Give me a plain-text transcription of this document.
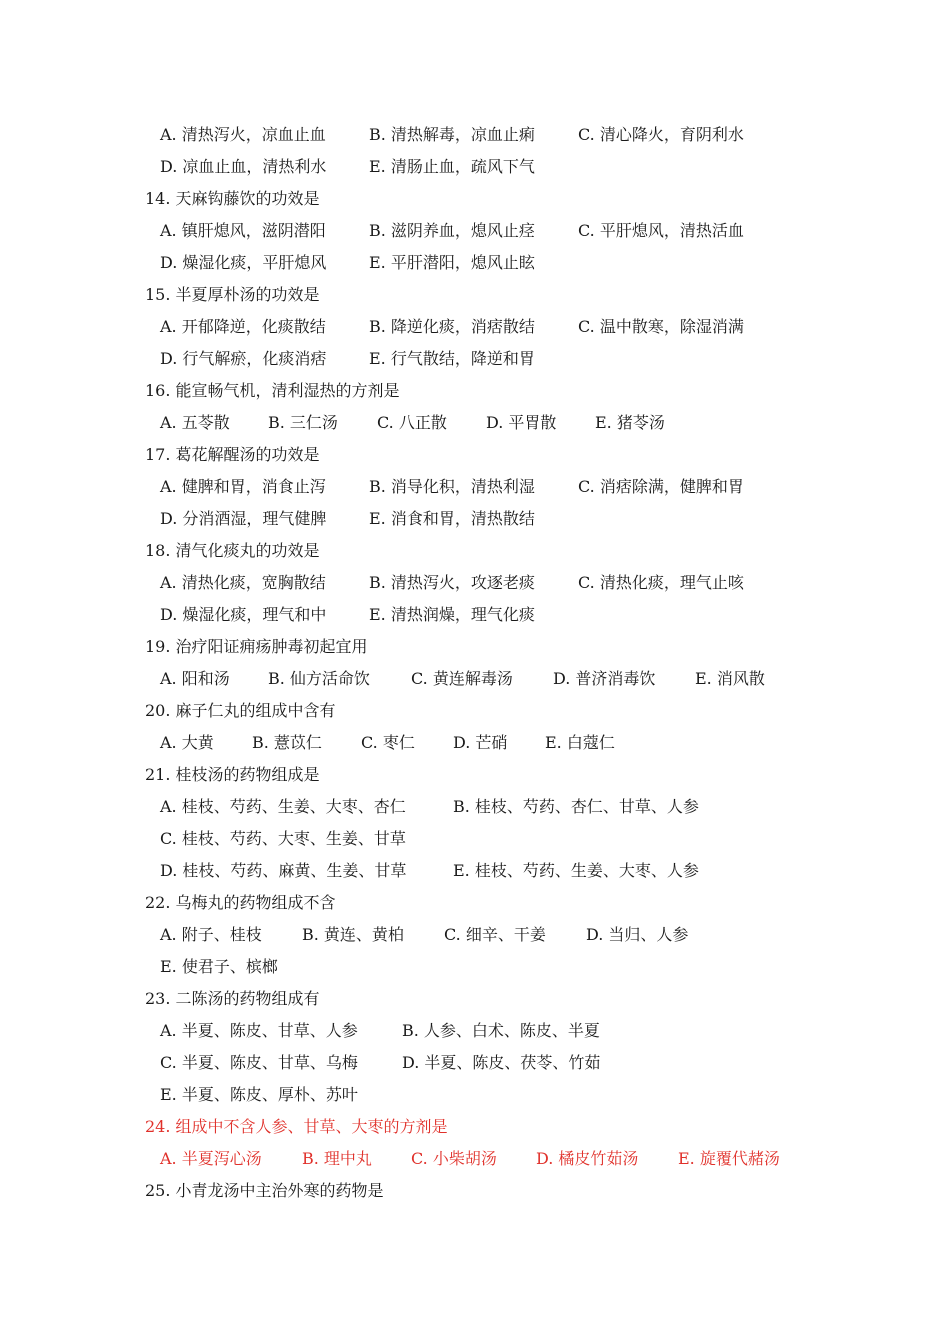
A. 清热泻火，凉血止血	B. 清热解毒，凉血止痢	C. 清心降火，育阴利水
D. 凉血止血，清热利水	E. 清肠止血，疏风下气
14. 天麻钩藤饮的功效是
A. 镇肝熄风，滋阴潜阳	B. 滋阴养血，熄风止痉	C. 平肝熄风，清热活血
D. 燥湿化痰，平肝熄风	E. 平肝潜阳，熄风止眩
15. 半夏厚朴汤的功效是
A. 开郁降逆，化痰散结	B. 降逆化痰，消痞散结	C. 温中散寒，除湿消满
D. 行气解瘀，化痰消痞	E. 行气散结，降逆和胃
16. 能宣畅气机，清利湿热的方剂是
A. 五苓散 B. 三仁汤 C. 八正散 D. 平胃散 E. 猪苓汤
17. 葛花解醒汤的功效是
A. 健脾和胃，消食止泻	B. 消导化积，清热利湿	C. 消痞除满，健脾和胃
D. 分消酒湿，理气健脾	E. 消食和胃，清热散结
18. 清气化痰丸的功效是
A. 清热化痰，宽胸散结	B. 清热泻火，攻逐老痰	C. 清热化痰，理气止咳
D. 燥湿化痰，理气和中	E. 清热润燥，理气化痰
19. 治疗阳证痈疡肿毒初起宜用
A. 阳和汤 B. 仙方活命饮	C. 黄连解毒汤	D. 普济消毒饮 E. 消风散
20. 麻子仁丸的组成中含有
A. 大黄 B. 薏苡仁 C. 枣仁 D. 芒硝 E. 白蔻仁
21. 桂枝汤的药物组成是
A. 桂枝、芍药、生姜、大枣、杏仁	B. 桂枝、芍药、杏仁、甘草、人参
C. 桂枝、芍药、大枣、生姜、甘草
D. 桂枝、芍药、麻黄、生姜、甘草	E. 桂枝、芍药、生姜、大枣、人参
22. 乌梅丸的药物组成不含
A. 附子、桂枝	B. 黄连、黄柏	C. 细辛、干姜	D. 当归、人参
E. 使君子、槟榔
23. 二陈汤的药物组成有
A. 半夏、陈皮、甘草、人参	B. 人参、白术、陈皮、半夏
C. 半夏、陈皮、甘草、乌梅	D. 半夏、陈皮、茯苓、竹茹
E. 半夏、陈皮、厚朴、苏叶
24. 组成中不含人参、甘草、大枣的方剂是
A. 半夏泻心汤	B. 理中丸 C. 小柴胡汤 D. 橘皮竹茹汤 E. 旋覆代赭汤
25. 小青龙汤中主治外寒的药物是
